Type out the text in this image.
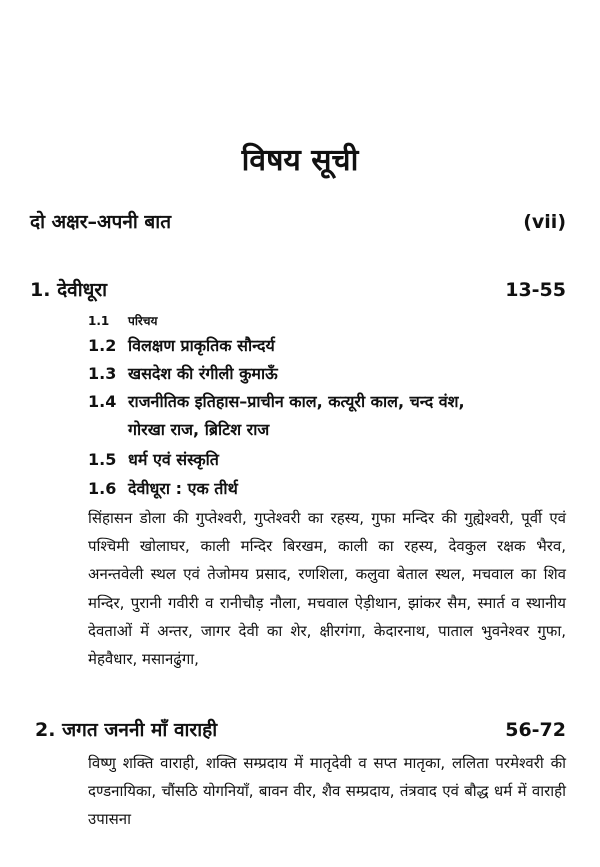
विषय सूची
दो अक्षर–अपनी बात	(vii)
1. देवीधूरा	13-55
1.1 परिचय
1.2 विलक्षण प्राकृतिक सौन्दर्य
1.3 खसदेश की रंगीली कुमाऊँ
1.4 राजनीतिक इतिहास–प्राचीन काल, कत्यूरी काल, चन्द वंश,
गोरखा राज, ब्रिटिश राज
1.5 धर्म एवं संस्कृति
1.6 देवीधूरा : एक तीर्थ
सिंहासन डोला की गुप्तेश्वरी, गुप्तेश्वरी का रहस्य, गुफा मन्दिर की गुह्येश्वरी, पूर्वी एवं पश्चिमी खोलाघर, काली मन्दिर बिरखम, काली का रहस्य, देवकुल रक्षक भैरव, अनन्तवेली स्थल एवं तेजोमय प्रसाद, रणशिला, कलुवा बेताल स्थल, मचवाल का शिव मन्दिर, पुरानी गवीरी व रानीचौड़ नौला, मचवाल ऐड़ीथान, झांकर सैम, स्मार्त व स्थानीय देवताओं में अन्तर, जागर देवी का शेर, क्षीरगंगा, केदारनाथ, पाताल भुवनेश्वर गुफा, मेहवैधार, मसानढुंगा,
2. जगत जननी माँ वाराही	56-72
विष्णु शक्ति वाराही, शक्ति सम्प्रदाय में मातृदेवी व सप्त मातृका, ललिता परमेश्वरी की दण्डनायिका, चौंसठि योगनियाँ, बावन वीर, शैव सम्प्रदाय, तंत्रवाद एवं बौद्ध धर्म में वाराही उपासना
